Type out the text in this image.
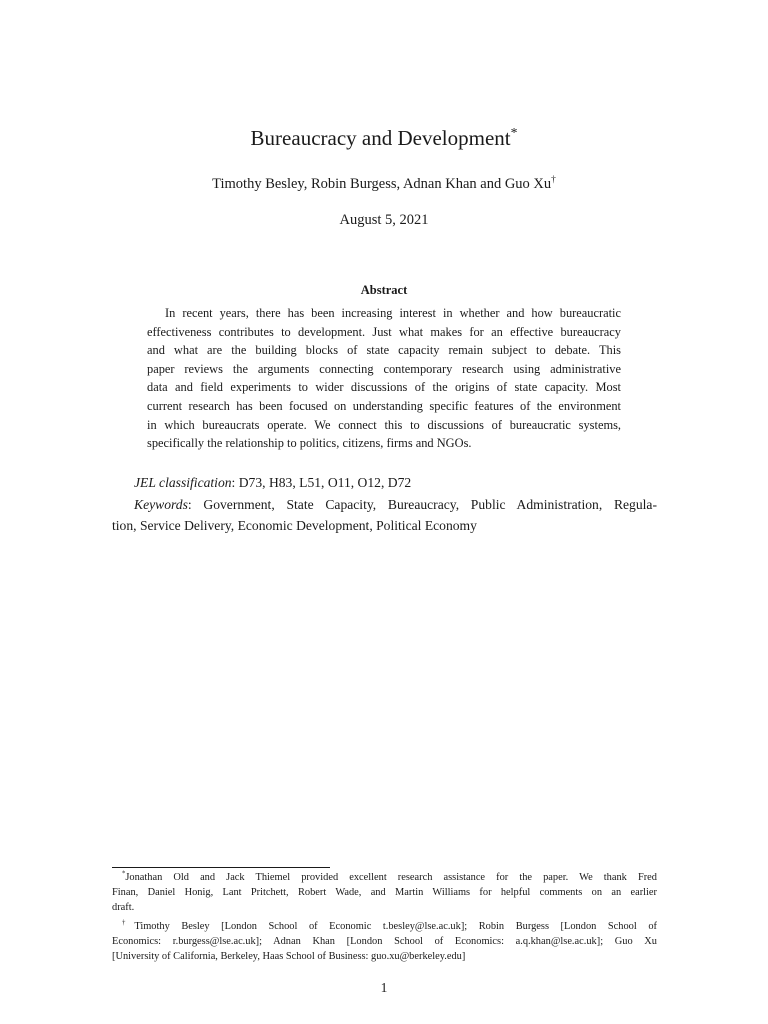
Bureaucracy and Development*
Timothy Besley, Robin Burgess, Adnan Khan and Guo Xu†
August 5, 2021
Abstract
In recent years, there has been increasing interest in whether and how bureaucratic
effectiveness contributes to development. Just what makes for an effective bureaucracy
and what are the building blocks of state capacity remain subject to debate. This
paper reviews the arguments connecting contemporary research using administrative
data and field experiments to wider discussions of the origins of state capacity. Most
current research has been focused on understanding specific features of the environment
in which bureaucrats operate. We connect this to discussions of bureaucratic systems,
specifically the relationship to politics, citizens, firms and NGOs.
JEL classification: D73, H83, L51, O11, O12, D72
Keywords: Government, State Capacity, Bureaucracy, Public Administration, Regula-
tion, Service Delivery, Economic Development, Political Economy
*Jonathan Old and Jack Thiemel provided excellent research assistance for the paper. We thank Fred
Finan, Daniel Honig, Lant Pritchett, Robert Wade, and Martin Williams for helpful comments on an earlier
draft.
†Timothy Besley [London School of Economic t.besley@lse.ac.uk]; Robin Burgess [London School of
Economics: r.burgess@lse.ac.uk]; Adnan Khan [London School of Economics: a.q.khan@lse.ac.uk]; Guo Xu
[University of California, Berkeley, Haas School of Business: guo.xu@berkeley.edu]
1
